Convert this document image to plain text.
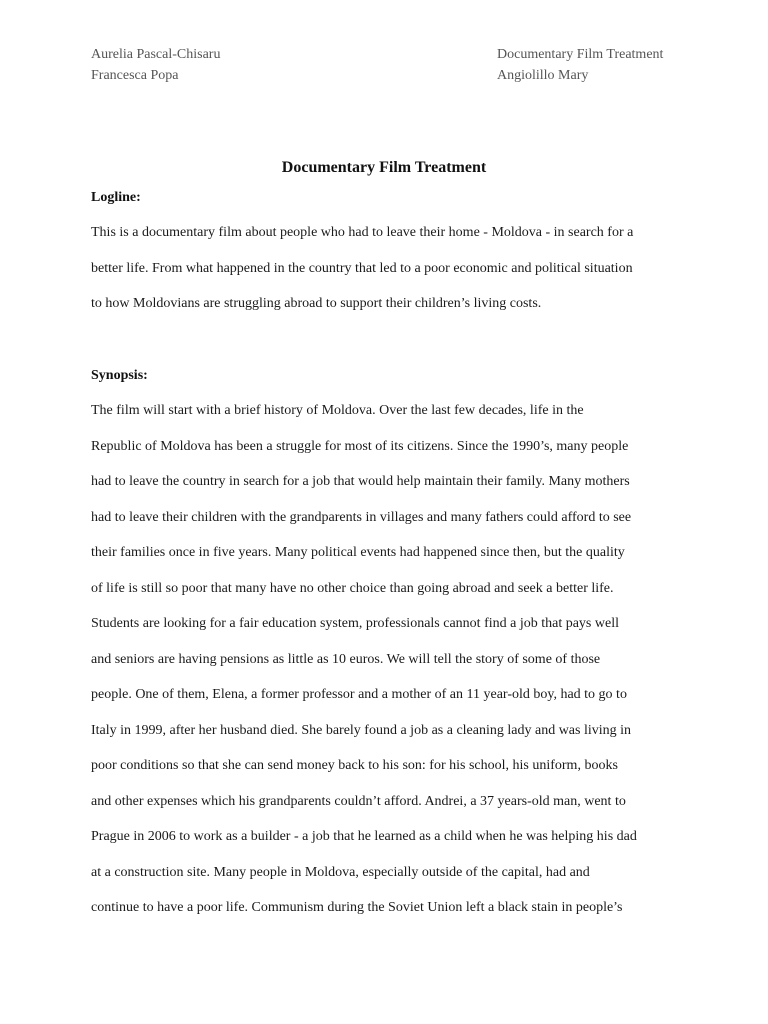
Aurelia Pascal-Chisaru
Francesca Popa
Documentary Film Treatment
Angiolillo Mary
Documentary Film Treatment
Logline:
This is a documentary film about people who had to leave their home - Moldova - in search for a
better life. From what happened in the country that led to a poor economic and political situation
to how Moldovians are struggling abroad to support their children’s living costs.
Synopsis:
The film will start with a brief history of Moldova. Over the last few decades, life in the
Republic of Moldova has been a struggle for most of its citizens. Since the 1990’s, many people
had to leave the country in search for a job that would help maintain their family. Many mothers
had to leave their children with the grandparents in villages and many fathers could afford to see
their families once in five years. Many political events had happened since then, but the quality
of life is still so poor that many have no other choice than going abroad and seek a better life.
Students are looking for a fair education system, professionals cannot find a job that pays well
and seniors are having pensions as little as 10 euros. We will tell the story of some of those
people. One of them, Elena, a former professor and a mother of an 11 year-old boy, had to go to
Italy in 1999, after her husband died. She barely found a job as a cleaning lady and was living in
poor conditions so that she can send money back to his son: for his school, his uniform, books
and other expenses which his grandparents couldn’t afford. Andrei, a 37 years-old man, went to
Prague in 2006 to work as a builder - a job that he learned as a child when he was helping his dad
at a construction site. Many people in Moldova, especially outside of the capital, had and
continue to have a poor life. Communism during the Soviet Union left a black stain in people’s
